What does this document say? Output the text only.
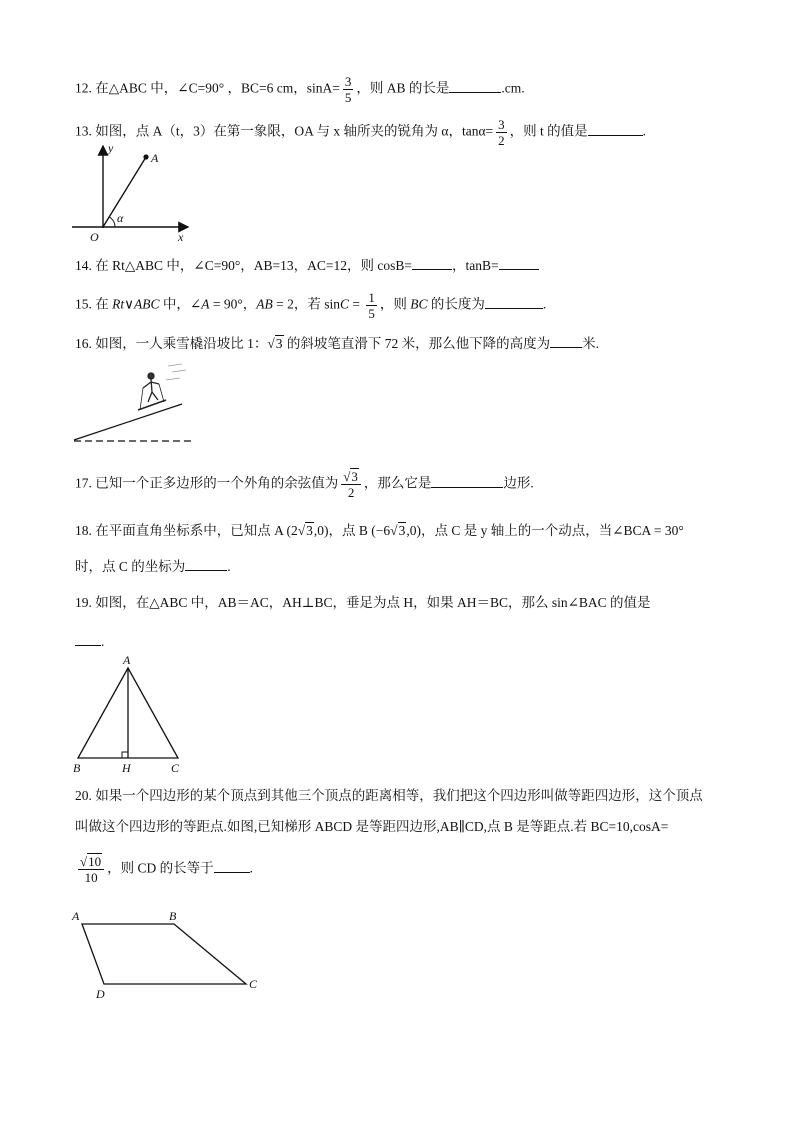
12. 在△ABC 中，∠C=90° ，BC=6 cm，$\sin A= \frac{3}{5}$ ，则 AB 的长是	.cm.
13. 如图，点 A（t，3）在第一象限，OA 与 x 轴所夹的锐角为 α，$\tan\alpha= \frac{3}{2}$ ，则 t 的值是	.
y
A
α
O	x
14. 在 Rt△ABC 中，∠C=90°，AB=13，AC=12，则 cosB=	，tanB=
15. 在 Rt∨ABC 中，∠A = 90°，AB = 2，若 $\sin C = \frac{1}{5}$ ，则 BC 的长度为	.
16. 如图，一人乘雪橇沿坡比 1：√3 的斜坡笔直滑下 72 米，那么他下降的高度为 米.
17. 已知一个正多边形的一个外角的余弦值为 $\frac{√3}{2}$ ，那么它是	边形.
18. 在平面直角坐标系中，已知点 A (2√3,0)，点 B (−6√3,0)，点 C 是 y 轴上的一个动点，当∠BCA = 30°
时，点 C 的坐标为	.
19. 如图，在△ABC 中，AB＝AC，AH⊥BC，垂足为点 H，如果 AH＝BC，那么 sin∠BAC 的值是
.
A
B	H	C
20. 如果一个四边形的某个顶点到其他三个顶点的距离相等，我们把这个四边形叫做等距四边形，这个顶点
叫做这个四边形的等距点.如图,已知梯形 ABCD 是等距四边形,AB∥CD,点 B 是等距点.若 BC=10,cosA=
$\frac{√10}{10}$ ，则 CD 的长等于	.
A	B
C
D
